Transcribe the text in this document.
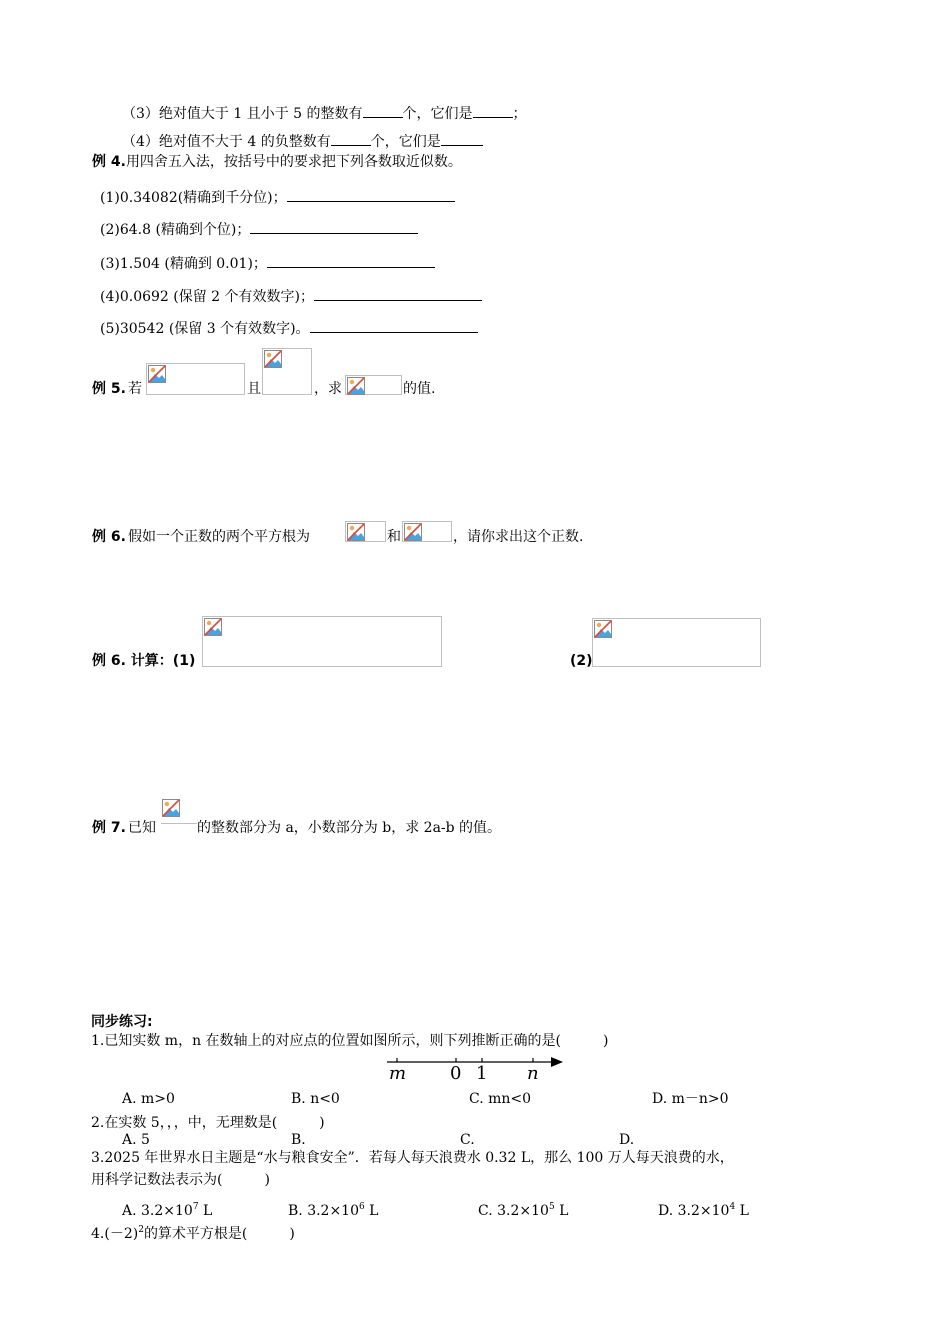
（3）绝对值大于 1 且小于 5 的整数有	个，它们是	；
（4）绝对值不大于 4 的负整数有	个，它们是
例 4.用四舍五入法，按括号中的要求把下列各数取近似数。
(1)0.34082(精确到千分位)；
(2)64.8 (精确到个位)；
(3)1.504 (精确到 0.01)；
(4)0.0692 (保留 2 个有效数字)；
(5)30542 (保留 3 个有效数字)。
例 5. 若	且	，求	的值.
例 6. 假如一个正数的两个平方根为	和	，请你求出这个正数.
例 6. 计算：(1)	(2)
例 7. 已知	的整数部分为 a，小数部分为 b，求 2a-b 的值。
同步练习:
1.已知实数 m，n 在数轴上的对应点的位置如图所示，则下列推断正确的是(　　　)
m 0 1 n
A. m>0	B. n<0	C. mn<0	D. m－n>0
2.在实数 5，，，中，无理数是(　　　)
A. 5	B.	C.	D.
3.2025 年世界水日主题是“水与粮食安全”．若每人每天浪费水 0.32 L，那么 100 万人每天浪费的水，
用科学记数法表示为(　　　)
A. $3.2\times 10^7$ L	B. $3.2\times 10^6$ L	C. $3.2\times 10^5$ L	D. $3.2\times 10^4$ L
$4.(-2)^2$的算术平方根是(　　　)
